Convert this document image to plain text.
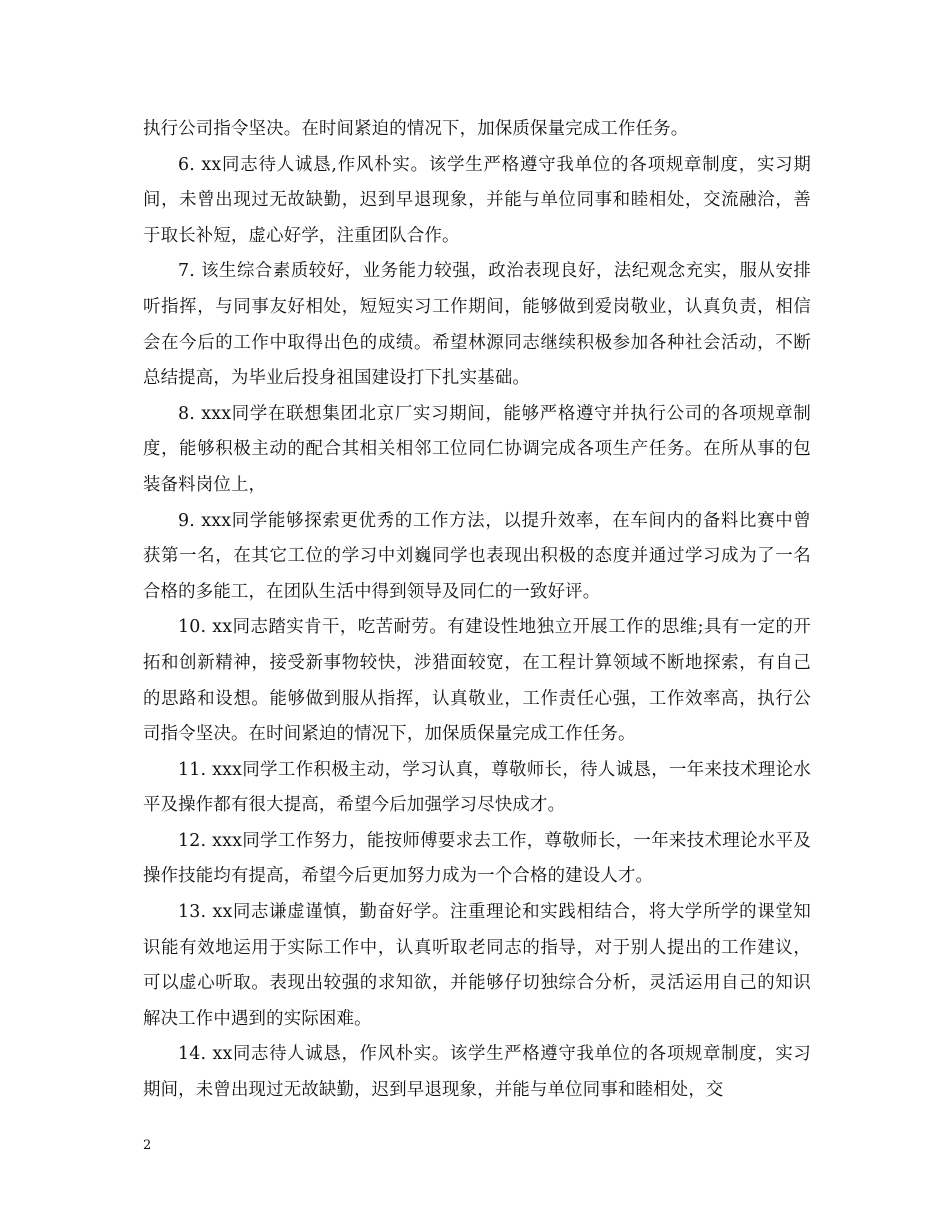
执行公司指令坚决。在时间紧迫的情况下，加保质保量完成工作任务。

6. xx同志待人诚恳,作风朴实。该学生严格遵守我单位的各项规章制度，实习期间，未曾出现过无故缺勤，迟到早退现象，并能与单位同事和睦相处，交流融洽，善于取长补短，虚心好学，注重团队合作。

7. 该生综合素质较好，业务能力较强，政治表现良好，法纪观念充实，服从安排听指挥，与同事友好相处，短短实习工作期间，能够做到爱岗敬业，认真负责，相信会在今后的工作中取得出色的成绩。希望林源同志继续积极参加各种社会活动，不断总结提高，为毕业后投身祖国建设打下扎实基础。

8. xxx同学在联想集团北京厂实习期间，能够严格遵守并执行公司的各项规章制度，能够积极主动的配合其相关相邻工位同仁协调完成各项生产任务。在所从事的包装备料岗位上，

9. xxx同学能够探索更优秀的工作方法，以提升效率，在车间内的备料比赛中曾获第一名，在其它工位的学习中刘巍同学也表现出积极的态度并通过学习成为了一名合格的多能工，在团队生活中得到领导及同仁的一致好评。

10. xx同志踏实肯干，吃苦耐劳。有建设性地独立开展工作的思维;具有一定的开拓和创新精神，接受新事物较快，涉猎面较宽，在工程计算领域不断地探索，有自己的思路和设想。能够做到服从指挥，认真敬业，工作责任心强，工作效率高，执行公司指令坚决。在时间紧迫的情况下，加保质保量完成工作任务。

11. xxx同学工作积极主动，学习认真，尊敬师长，待人诚恳，一年来技术理论水平及操作都有很大提高，希望今后加强学习尽快成才。

12. xxx同学工作努力，能按师傅要求去工作，尊敬师长，一年来技术理论水平及操作技能均有提高，希望今后更加努力成为一个合格的建设人才。

13. xx同志谦虚谨慎，勤奋好学。注重理论和实践相结合，将大学所学的课堂知识能有效地运用于实际工作中，认真听取老同志的指导，对于别人提出的工作建议，可以虚心听取。表现出较强的求知欲，并能够仔切独综合分析，灵活运用自己的知识解决工作中遇到的实际困难。

14. xx同志待人诚恳，作风朴实。该学生严格遵守我单位的各项规章制度，实习期间，未曾出现过无故缺勤，迟到早退现象，并能与单位同事和睦相处，交

2
